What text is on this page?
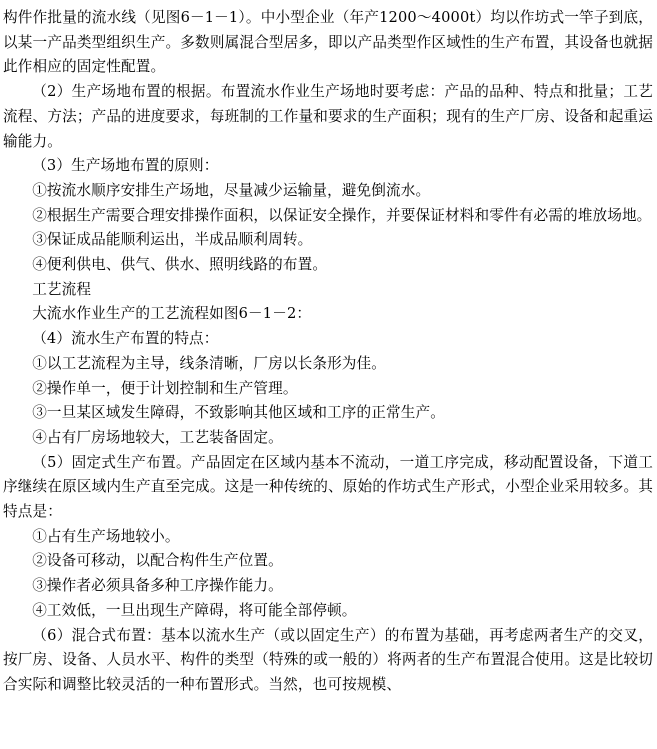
构件作批量的流水线（见图6－1－1）。中小型企业（年产1200～4000t）均以作坊式一竿子到底，以某一产品类型组织生产。多数则属混合型居多，即以产品类型作区域性的生产布置，其设备也就据此作相应的固定性配置。

（2）生产场地布置的根据。布置流水作业生产场地时要考虑：产品的品种、特点和批量；工艺流程、方法；产品的进度要求，每班制的工作量和要求的生产面积；现有的生产厂房、设备和起重运输能力。

（3）生产场地布置的原则：

①按流水顺序安排生产场地，尽量减少运输量，避免倒流水。

②根据生产需要合理安排操作面积，以保证安全操作，并要保证材料和零件有必需的堆放场地。

③保证成品能顺利运出，半成品顺利周转。

④便利供电、供气、供水、照明线路的布置。

工艺流程

大流水作业生产的工艺流程如图6－1－2：

（4）流水生产布置的特点：

①以工艺流程为主导，线条清晰，厂房以长条形为佳。

②操作单一，便于计划控制和生产管理。

③一旦某区域发生障碍，不致影响其他区域和工序的正常生产。

④占有厂房场地较大，工艺装备固定。

（5）固定式生产布置。产品固定在区域内基本不流动，一道工序完成，移动配置设备，下道工序继续在原区域内生产直至完成。这是一种传统的、原始的作坊式生产形式，小型企业采用较多。其特点是：

①占有生产场地较小。

②设备可移动，以配合构件生产位置。

③操作者必须具备多种工序操作能力。

④工效低，一旦出现生产障碍，将可能全部停顿。

（6）混合式布置：基本以流水生产（或以固定生产）的布置为基础，再考虑两者生产的交叉，按厂房、设备、人员水平、构件的类型（特殊的或一般的）将两者的生产布置混合使用。这是比较切合实际和调整比较灵活的一种布置形式。当然，也可按规模、
